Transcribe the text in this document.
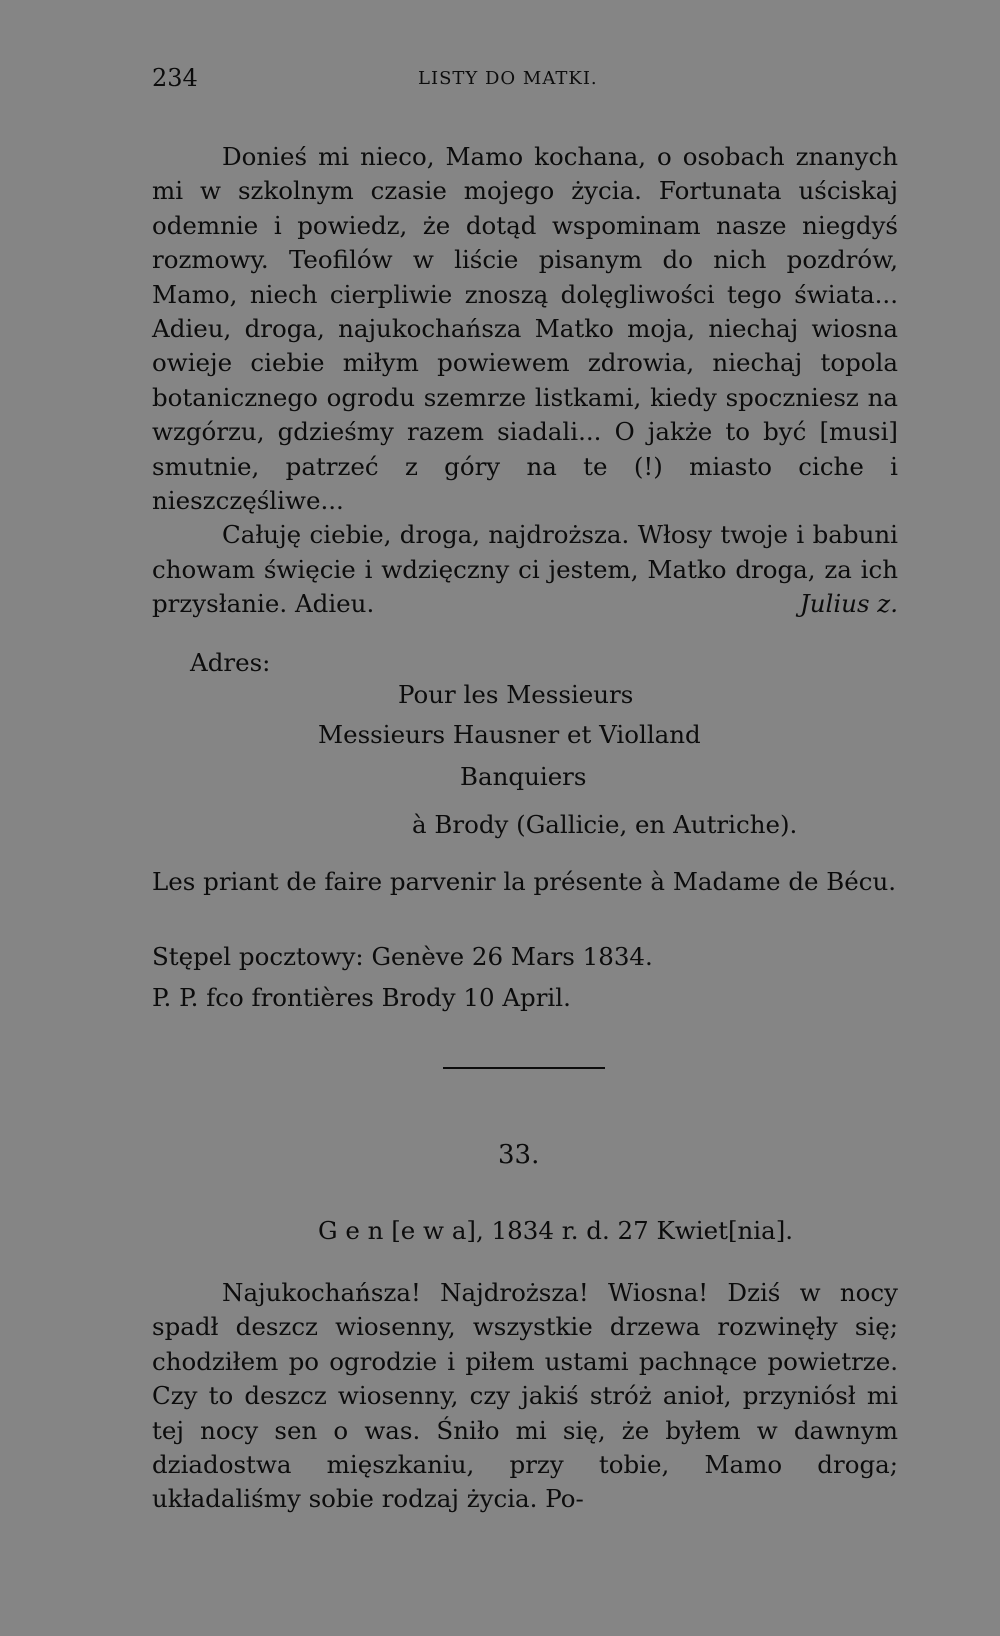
234	LISTY DO MATKI.

Donieś mi nieco, Mamo kochana, o osobach znanych mi w szkolnym czasie mojego życia. Fortunata uściskaj odemnie i powiedz, że dotąd wspominam nasze niegdyś rozmowy. Teofilów w liście pisanym do nich pozdrów, Mamo, niech cierpliwie znoszą dolęgliwości tego świata... Adieu, droga, najukochańsza Matko moja, niechaj wiosna owieje ciebie miłym powiewem zdrowia, niechaj topola botanicznego ogrodu szemrze listkami, kiedy spoczniesz na wzgórzu, gdzieśmy razem siadali... O jakże to być [musi] smutnie, patrzeć z góry na te (!) miasto ciche i nieszczęśliwe...

Całuję ciebie, droga, najdroższa. Włosy twoje i babuni chowam święcie i wdzięczny ci jestem, Matko droga, za ich przysłanie. Adieu.	Julius z.

Adres:
Pour les Messieurs
Messieurs Hausner et Violland
Banquiers
à Brody (Gallicie, en Autriche).

Les priant de faire parvenir la présente à Madame de Bécu.

Stępel pocztowy: Genève 26 Mars 1834.
P. P. fco frontières Brody 10 April.
33.
G e n [e w a], 1834 r. d. 27 Kwiet[nia].

Najukochańsza! Najdroższa! Wiosna! Dziś w nocy spadł deszcz wiosenny, wszystkie drzewa rozwinęły się; chodziłem po ogrodzie i piłem ustami pachnące powietrze. Czy to deszcz wiosenny, czy jakiś stróż anioł, przyniósł mi tej nocy sen o was. Śniło mi się, że byłem w dawnym dziadostwa mięszkaniu, przy tobie, Mamo droga; układaliśmy sobie rodzaj życia. Po-
